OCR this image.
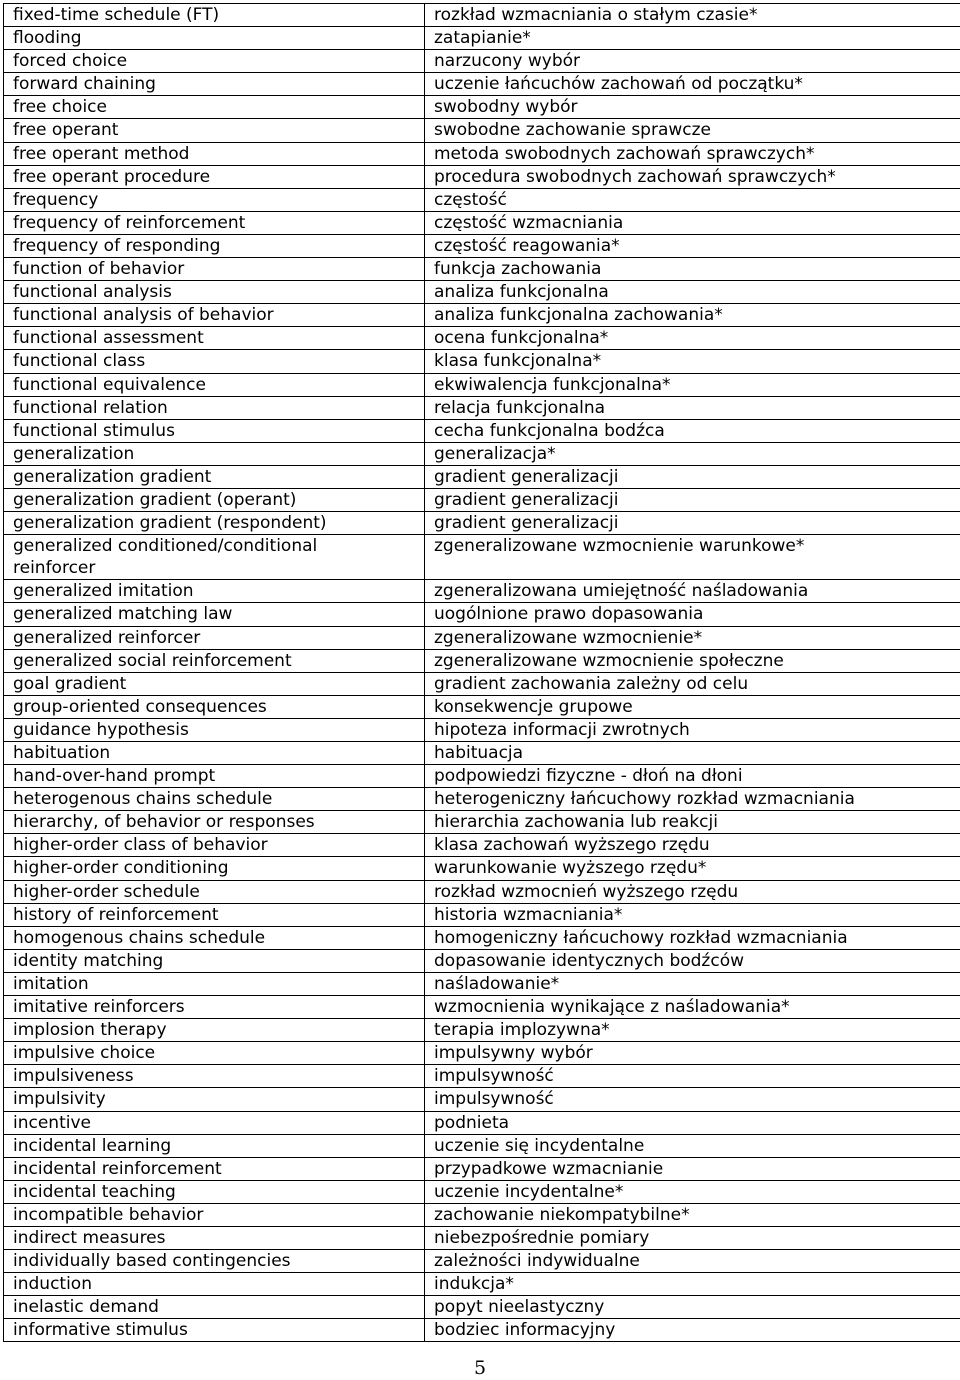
fixed-time schedule (FT)	rozkład wzmacniania o stałym czasie*
flooding	zatapianie*
forced choice	narzucony wybór
forward chaining	uczenie łańcuchów zachowań od początku*
free choice	swobodny wybór
free operant	swobodne zachowanie sprawcze
free operant method	metoda swobodnych zachowań sprawczych*
free operant procedure	procedura swobodnych zachowań sprawczych*
frequency	częstość
frequency of reinforcement	częstość wzmacniania
frequency of responding	częstość reagowania*
function of behavior	funkcja zachowania
functional analysis	analiza funkcjonalna
functional analysis of behavior	analiza funkcjonalna zachowania*
functional assessment	ocena funkcjonalna*
functional class	klasa funkcjonalna*
functional equivalence	ekwiwalencja funkcjonalna*
functional relation	relacja funkcjonalna
functional stimulus	cecha funkcjonalna bodźca
generalization	generalizacja*
generalization gradient	gradient generalizacji
generalization gradient (operant)	gradient generalizacji
generalization gradient (respondent)	gradient generalizacji
generalized conditioned/conditional reinforcer	zgeneralizowane wzmocnienie warunkowe*
generalized imitation	zgeneralizowana umiejętność naśladowania
generalized matching law	uogólnione prawo dopasowania
generalized reinforcer	zgeneralizowane wzmocnienie*
generalized social reinforcement	zgeneralizowane wzmocnienie społeczne
goal gradient	gradient zachowania zależny od celu
group-oriented consequences	konsekwencje grupowe
guidance hypothesis	hipoteza informacji zwrotnych
habituation	habituacja
hand-over-hand prompt	podpowiedzi fizyczne - dłoń na dłoni
heterogenous chains schedule	heterogeniczny łańcuchowy rozkład wzmacniania
hierarchy, of behavior or responses	hierarchia zachowania lub reakcji
higher-order class of behavior	klasa zachowań wyższego rzędu
higher-order conditioning	warunkowanie wyższego rzędu*
higher-order schedule	rozkład wzmocnień wyższego rzędu
history of reinforcement	historia wzmacniania*
homogenous chains schedule	homogeniczny łańcuchowy rozkład wzmacniania
identity matching	dopasowanie identycznych bodźców
imitation	naśladowanie*
imitative reinforcers	wzmocnienia wynikające z naśladowania*
implosion therapy	terapia implozywna*
impulsive choice	impulsywny wybór
impulsiveness	impulsywność
impulsivity	impulsywność
incentive	podnieta
incidental learning	uczenie się incydentalne
incidental reinforcement	przypadkowe wzmacnianie
incidental teaching	uczenie incydentalne*
incompatible behavior	zachowanie niekompatybilne*
indirect measures	niebezpośrednie pomiary
individually based contingencies	zależności indywidualne
induction	indukcja*
inelastic demand	popyt nieelastyczny
informative stimulus	bodziec informacyjny
5
